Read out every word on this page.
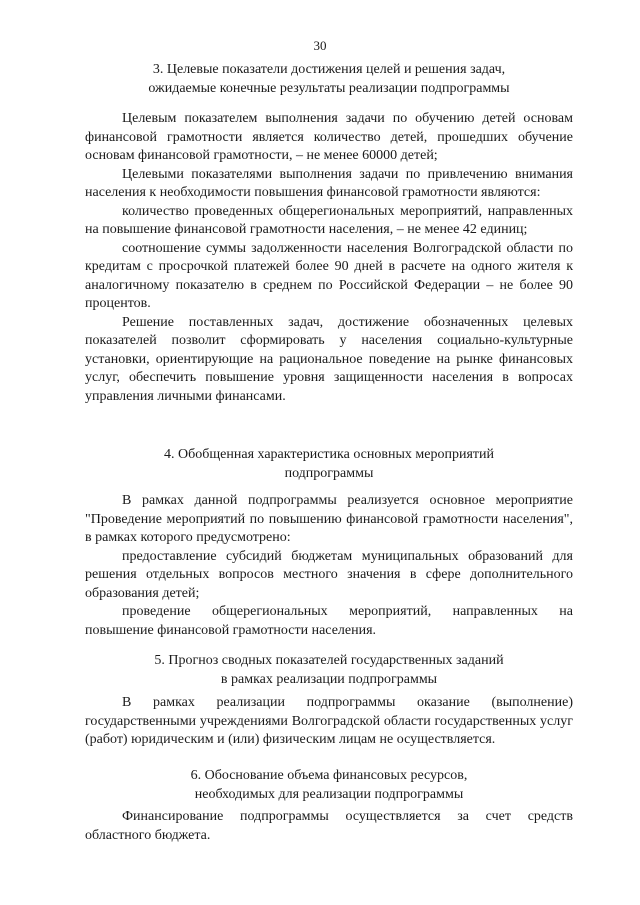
30
3. Целевые показатели достижения целей и решения задач,
ожидаемые конечные результаты реализации подпрограммы

Целевым показателем выполнения задачи по обучению детей основам финансовой грамотности является количество детей, прошедших обучение основам финансовой грамотности, – не менее 60000 детей;

Целевыми показателями выполнения задачи по привлечению внимания населения к необходимости повышения финансовой грамотности являются:

количество проведенных общерегиональных мероприятий, направленных на повышение финансовой грамотности населения, – не менее 42 единиц;

соотношение суммы задолженности населения Волгоградской области по кредитам с просрочкой платежей более 90 дней в расчете на одного жителя к аналогичному показателю в среднем по Российской Федерации – не более 90 процентов.

Решение поставленных задач, достижение обозначенных целевых показателей позволит сформировать у населения социально-культурные установки, ориентирующие на рациональное поведение на рынке финансовых услуг, обеспечить повышение уровня защищенности населения в вопросах управления личными финансами.

4. Обобщенная характеристика основных мероприятий
подпрограммы

В рамках данной подпрограммы реализуется основное мероприятие "Проведение мероприятий по повышению финансовой грамотности населения", в рамках которого предусмотрено:

предоставление субсидий бюджетам муниципальных образований для решения отдельных вопросов местного значения в сфере дополнительного образования детей;

проведение общерегиональных мероприятий, направленных на повышение финансовой грамотности населения.

5. Прогноз сводных показателей государственных заданий
в рамках реализации подпрограммы

В рамках реализации подпрограммы оказание (выполнение) государственными учреждениями Волгоградской области государственных услуг (работ) юридическим и (или) физическим лицам не осуществляется.

6. Обоснование объема финансовых ресурсов,
необходимых для реализации подпрограммы

Финансирование подпрограммы осуществляется за счет средств областного бюджета.
